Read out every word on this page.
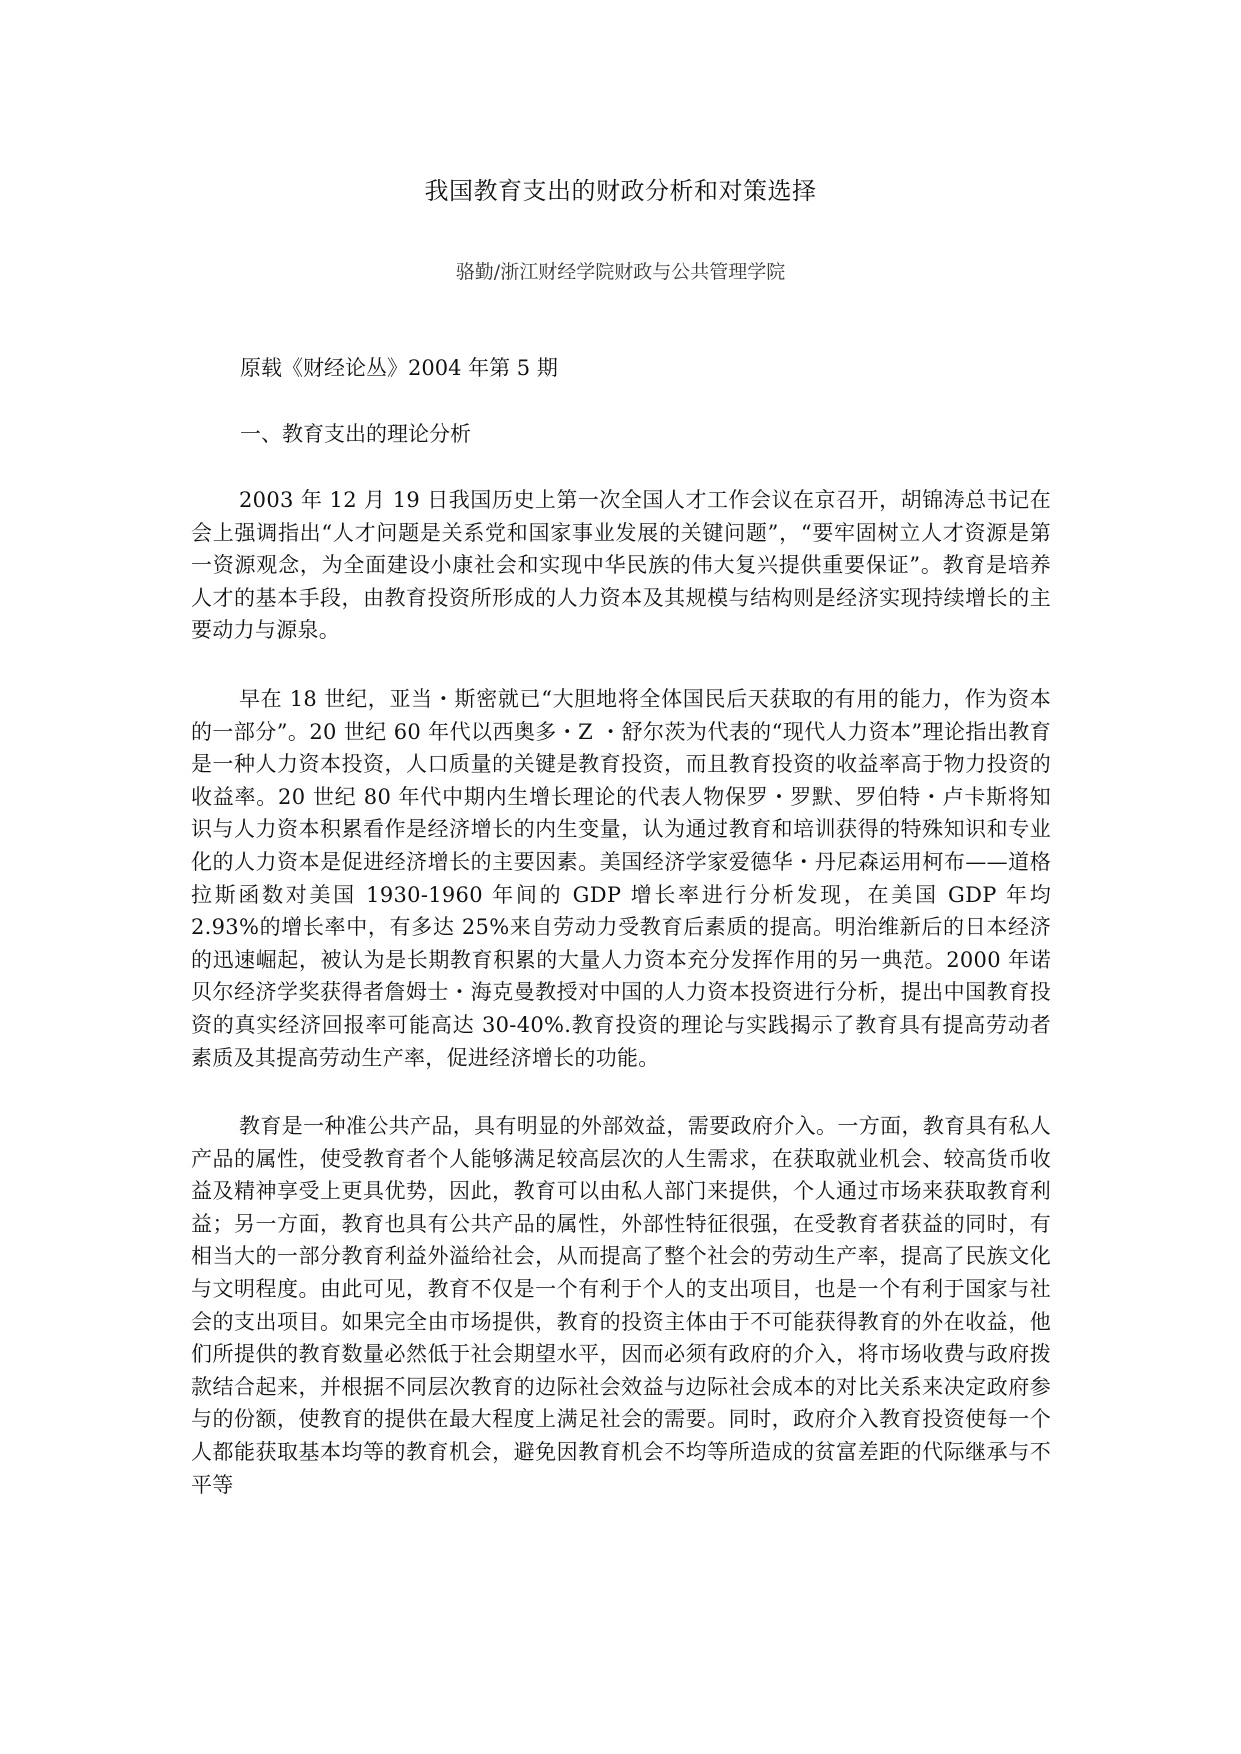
我国教育支出的财政分析和对策选择
骆勤/浙江财经学院财政与公共管理学院
原载《财经论丛》2004 年第 5 期
一、教育支出的理论分析

2003 年 12 月 19 日我国历史上第一次全国人才工作会议在京召开，胡锦涛总书记在会上强调指出“人才问题是关系党和国家事业发展的关键问题”，“要牢固树立人才资源是第一资源观念，为全面建设小康社会和实现中华民族的伟大复兴提供重要保证”。教育是培养人才的基本手段，由教育投资所形成的人力资本及其规模与结构则是经济实现持续增长的主要动力与源泉。

早在 18 世纪，亚当・斯密就已“大胆地将全体国民后天获取的有用的能力，作为资本的一部分”。20 世纪 60 年代以西奥多・Z ・舒尔茨为代表的“现代人力资本”理论指出教育是一种人力资本投资，人口质量的关键是教育投资，而且教育投资的收益率高于物力投资的收益率。20 世纪 80 年代中期内生增长理论的代表人物保罗・罗默、罗伯特・卢卡斯将知识与人力资本积累看作是经济增长的内生变量，认为通过教育和培训获得的特殊知识和专业化的人力资本是促进经济增长的主要因素。美国经济学家爱德华・丹尼森运用柯布——道格拉斯函数对美国 1930-1960 年间的 GDP 增长率进行分析发现，在美国 GDP 年均 2.93%的增长率中，有多达 25%来自劳动力受教育后素质的提高。明治维新后的日本经济的迅速崛起，被认为是长期教育积累的大量人力资本充分发挥作用的另一典范。2000 年诺贝尔经济学奖获得者詹姆士・海克曼教授对中国的人力资本投资进行分析，提出中国教育投资的真实经济回报率可能高达 30-40%.教育投资的理论与实践揭示了教育具有提高劳动者素质及其提高劳动生产率，促进经济增长的功能。

教育是一种准公共产品，具有明显的外部效益，需要政府介入。一方面，教育具有私人产品的属性，使受教育者个人能够满足较高层次的人生需求，在获取就业机会、较高货币收益及精神享受上更具优势，因此，教育可以由私人部门来提供，个人通过市场来获取教育利益；另一方面，教育也具有公共产品的属性，外部性特征很强，在受教育者获益的同时，有相当大的一部分教育利益外溢给社会，从而提高了整个社会的劳动生产率，提高了民族文化与文明程度。由此可见，教育不仅是一个有利于个人的支出项目，也是一个有利于国家与社会的支出项目。如果完全由市场提供，教育的投资主体由于不可能获得教育的外在收益，他们所提供的教育数量必然低于社会期望水平，因而必须有政府的介入，将市场收费与政府拨款结合起来，并根据不同层次教育的边际社会效益与边际社会成本的对比关系来决定政府参与的份额，使教育的提供在最大程度上满足社会的需要。同时，政府介入教育投资使每一个人都能获取基本均等的教育机会，避免因教育机会不均等所造成的贫富差距的代际继承与不平等
